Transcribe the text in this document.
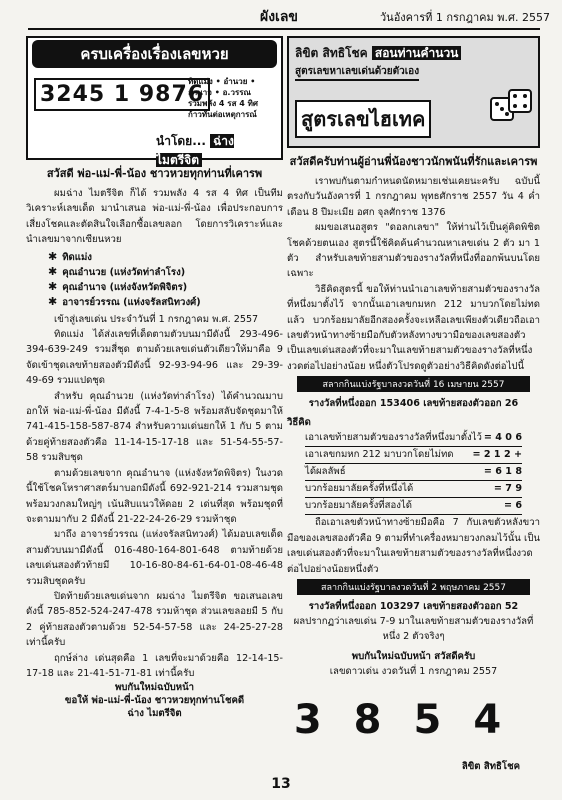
ผังเลข	วันอังคารที่ 1 กรกฎาคม พ.ศ. 2557
ครบเครื่องเรื่องเลขหวย
3245 1 9876
ทิดแม่ง • อำนวย • อำนาจ • อ.วรรณ
รวมพลัง 4 รส 4 ทิศ
ก้าวทันต่อเหตุการณ์
นำโดย... ฉ่าง ไมตรีจิต
สวัสดี พ่อ-แม่-พี่-น้อง ชาวหวยทุกท่านที่เคารพ

ผมฉ่าง ไมตรีจิต ก็ได้ รวมพลัง 4 รส 4 ทิศ เป็นทีมวิเคราะห์เลขเด็ด มานำเสนอ พ่อ-แม่-พี่-น้อง เพื่อประกอบการเสี่ยงโชคและตัดสินใจเลือกซื้อเลขลอก โดยการวิเคราะห์และนำเลขมาจากเซียนหวย

✱ ทิดแม่ง
✱ คุณอำนวย (แห่งวัดท่าลำโรง)
✱ คุณอำนาจ (แห่งจังหวัดพิจิตร)
✱ อาจารย์วรรณ (แห่งจรัลสนิทวงศ์)

เข้าสู่เลขเด่น ประจำวันที่ 1 กรกฎาคม พ.ศ. 2557

ทิดแม่ง ได้ส่งเลขที่เด็ดตามตัวบนมามีดังนี้ 293-496-394-639-249 รวมสี่ชุด ตามด้วยเลขเด่นตัวเดียวให้มาคือ 9 จัดเข้าชุดเลขท้ายสองตัวมีดังนี้ 92-93-94-96 และ 29-39-49-69 รวมแปดชุด

สำหรับ คุณอำนวย (แห่งวัดท่าลำโรง) ได้คำนวณมาบอกให้ พ่อ-แม่-พี่-น้อง มีดังนี้ 7-4-1-5-8 พร้อมสลับจัดชุดมาให้ 741-415-158-587-874 สำหรับความเด่นยกให้ 1 กับ 5 ตามด้วยคู่ท้ายสองตัวคือ 11-14-15-17-18 และ 51-54-55-57-58 รวมสิบชุด

ตามด้วยเลขจาก คุณอำนาจ (แห่งจังหวัดพิจิตร) ในงวดนี้ใช้โชคโหราศาสตร์มาบอกมีดังนี้ 692-921-214 รวมสามชุด พร้อมวงกลมใหญ่ๆ เน้นสิบแนวให้ดอย 2 เด่นที่สุด พร้อมชุดที่จะตามมากับ 2 มีดังนี้ 21-22-24-26-29 รวมห้าชุด

มาถึง อาจารย์วรรณ (แห่งจรัลสนิทวงศ์) ได้มอบเลขเด็ดสามตัวบนมามีดังนี้ 016-480-164-801-648 ตามท้ายด้วยเลขเด่นสองตัวท้ายมี 10-16-80-84-61-64-01-08-46-48 รวมสิบชุดครับ

ปิดท้ายด้วยเลขเด่นจาก ผมฉ่าง ไมตรีจิต ขอเสนอเลขดังนี้ 785-852-524-247-478 รวมห้าชุด ส่วนเลขลอยมี 5 กับ 2 คู่ท้ายสองตัวตามด้วย 52-54-57-58 และ 24-25-27-28 เท่านี้ครับ

ฤกษ์ล่าง เด่นสุดคือ 1 เลขที่จะมาด้วยคือ 12-14-15-17-18 และ 21-41-51-71-81 เท่านี้ครับ

พบกันใหม่ฉบับหน้า
ขอให้ พ่อ-แม่-พี่-น้อง ชาวหวยทุกท่านโชคดี
ฉ่าง ไมตรีจิต
ลิขิต สิทธิโชค สอนท่านคำนวน
สูตรเลขหาเลขเด่นด้วยตัวเอง
สูตรเลขไฮเทค
สวัสดีครับท่านผู้อ่านพี่น้องชาวนักพนันที่รักและเคารพ

เราพบกันตามกำหนดนัดหมายเช่นเคยนะครับ ฉบับนี้ตรงกับวันอังคารที่ 1 กรกฎาคม พุทธศักราช 2557 วัน 4 ค่ำ เดือน 8 ปีมะเมีย อศก จุลศักราช 1376

ผมขอเสนอสูตร "ดอลกเลขา" ให้ท่านไว้เป็นคู่คิดพิชิตโชคด้วยตนเอง สูตรนี้ใช้คิดค้นคำนวณหาเลขเด่น 2 ตัว มา 1 ตัว สำหรับเลขท้ายสามตัวของรางวัลที่หนึ่งที่ออกพ้นบนโดยเฉพาะ

วิธีคิดสูตรนี้ ขอให้ท่านนำเอาเลขท้ายสามตัวของรางวัลที่หนึ่งมาตั้งไว้ จากนั้นเอาเลขกมหก 212 มาบวกโดยไม่ทดแล้ว บวกร้อยมาลัยอีกสองครั้งจะเหลือเลขเพียงตัวเดียวถือเอาเลขตัวหน้าทางซ้ายมือกับตัวหลังทางขวามือของเลขสองตัวเป็นเลขเด่นสองตัวที่จะมาในเลขท้ายสามตัวของรางวัลที่หนึ่งงวดต่อไปอย่างน้อย หนึ่งตัวโปรดดูตัวอย่างวิธีคิดดังต่อไปนี้

สลากกินแบ่งรัฐบาลงวดวันที่ 16 เมษายน 2557
รางวัลที่หนึ่งออก 153406 เลขท้ายสองตัวออก 26
วิธีคิด
เอาเลขท้ายสามตัวของรางวัลที่หนึ่งมาตั้งไว้ = 4 0 6
เอาเลขกมหก 212 มาบวกโดยไม่ทด = 2 1 2 +
ได้ผลลัพธ์	= 6 1 8
บวกร้อยมาลัยครั้งที่หนึ่งได้	= 7 9
บวกร้อยมาลัยครั้งที่สองได้	= 6

ถือเอาเลขตัวหน้าทางซ้ายมือคือ 7 กับเลขตัวหลังขวามือของเลขสองตัวคือ 9 ตามที่ทำเครื่องหมายวงกลมไว้นั้น เป็นเลขเด่นสองตัวที่จะมาในเลขท้ายสามตัวของรางวัลที่หนึ่งงวดต่อไปอย่างน้อยหนึ่งตัว

สลากกินแบ่งรัฐบาลงวดวันที่ 2 พฤษภาคม 2557
รางวัลที่หนึ่งออก 103297 เลขท้ายสองตัวออก 52
ผลปรากฏว่าเลขเด่น 7-9 มาในเลขท้ายสามตัวของรางวัลที่หนึ่ง 2 ตัวจริงๆ
พบกันใหม่ฉบับหน้า สวัสดีครับ
เลขดาวเด่น งวดวันที่ 1 กรกฎาคม 2557
3854
ลิขิต สิทธิโชค
13
